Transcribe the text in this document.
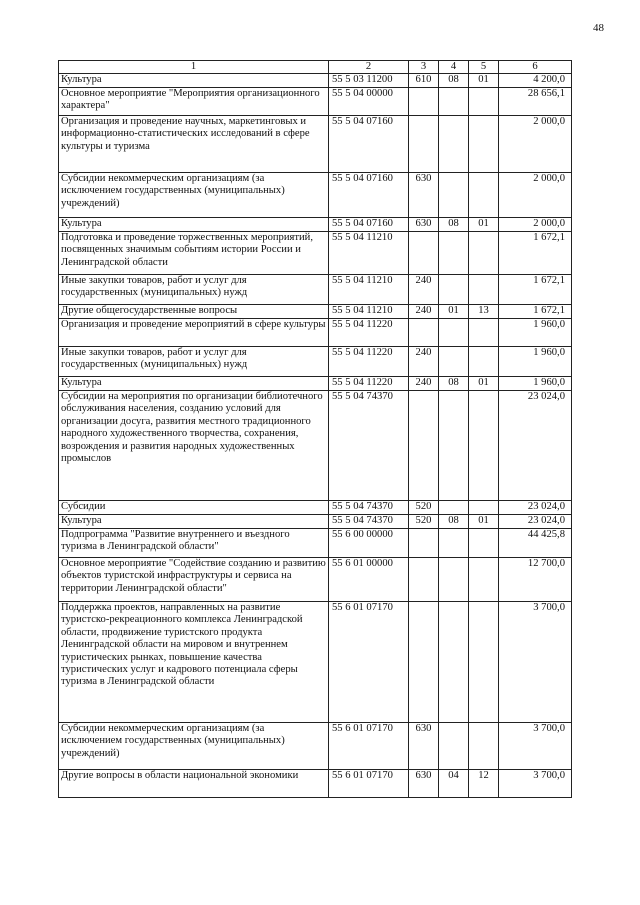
48
1	2	3	4	5	6
Культура	55 5 03 11200	610	08	01	4 200,0
Основное мероприятие "Мероприятия организационного характера"	55 5 04 00000				28 656,1
Организация и проведение научных, маркетинговых и информационно-статистических исследований в сфере культуры и туризма	55 5 04 07160				2 000,0
Субсидии некоммерческим организациям (за исключением государственных (муниципальных) учреждений)	55 5 04 07160	630			2 000,0
Культура	55 5 04 07160	630	08	01	2 000,0
Подготовка и проведение торжественных мероприятий, посвященных значимым событиям истории России и Ленинградской области	55 5 04 11210				1 672,1
Иные закупки товаров, работ и услуг для государственных (муниципальных) нужд	55 5 04 11210	240			1 672,1
Другие общегосударственные вопросы	55 5 04 11210	240	01	13	1 672,1
Организация и проведение мероприятий в сфере культуры	55 5 04 11220				1 960,0
Иные закупки товаров, работ и услуг для государственных (муниципальных) нужд	55 5 04 11220	240			1 960,0
Культура	55 5 04 11220	240	08	01	1 960,0
Субсидии на мероприятия по организации библиотечного обслуживания населения, созданию условий для организации досуга, развития местного традиционного народного художественного творчества, сохранения, возрождения и развития народных художественных промыслов	55 5 04 74370				23 024,0
Субсидии	55 5 04 74370	520			23 024,0
Культура	55 5 04 74370	520	08	01	23 024,0
Подпрограмма "Развитие внутреннего и въездного туризма в Ленинградской области"	55 6 00 00000				44 425,8
Основное мероприятие "Содействие созданию и развитию объектов туристской инфраструктуры и сервиса на территории Ленинградской области"	55 6 01 00000				12 700,0
Поддержка проектов, направленных на развитие туристско-рекреационного комплекса Ленинградской области, продвижение туристского продукта Ленинградской области на мировом и внутреннем туристических рынках, повышение качества туристических услуг и кадрового потенциала сферы туризма в Ленинградской области	55 6 01 07170				3 700,0
Субсидии некоммерческим организациям (за исключением государственных (муниципальных) учреждений)	55 6 01 07170	630			3 700,0
Другие вопросы в области национальной экономики	55 6 01 07170	630	04	12	3 700,0
